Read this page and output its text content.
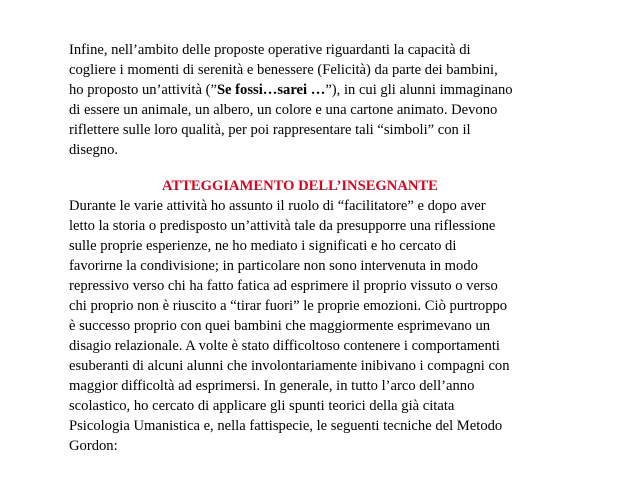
Infine, nell’ambito delle proposte operative riguardanti la capacità di
cogliere i momenti di serenità e benessere (Felicità) da parte dei bambini,
ho proposto un’attività (”Se fossi…sarei …”), in cui gli alunni immaginano
di essere un animale, un albero, un colore e una cartone animato. Devono
riflettere sulle loro qualità, per poi rappresentare tali “simboli” con il
disegno.
ATTEGGIAMENTO DELL’INSEGNANTE
Durante le varie attività ho assunto il ruolo di “facilitatore” e dopo aver
letto la storia o predisposto un’attività tale da presupporre una riflessione
sulle proprie esperienze, ne ho mediato i significati e ho cercato di
favorirne la condivisione; in particolare non sono intervenuta in modo
repressivo verso chi ha fatto fatica ad esprimere il proprio vissuto o verso
chi proprio non è riuscito a “tirar fuori” le proprie emozioni. Ciò purtroppo
è successo proprio con quei bambini che maggiormente esprimevano un
disagio relazionale. A volte è stato difficoltoso contenere i comportamenti
esuberanti di alcuni alunni che involontariamente inibivano i compagni con
maggior difficoltà ad esprimersi. In generale, in tutto l’arco dell’anno
scolastico, ho cercato di applicare gli spunti teorici della già citata
Psicologia Umanistica e, nella fattispecie, le seguenti tecniche del Metodo
Gordon:
